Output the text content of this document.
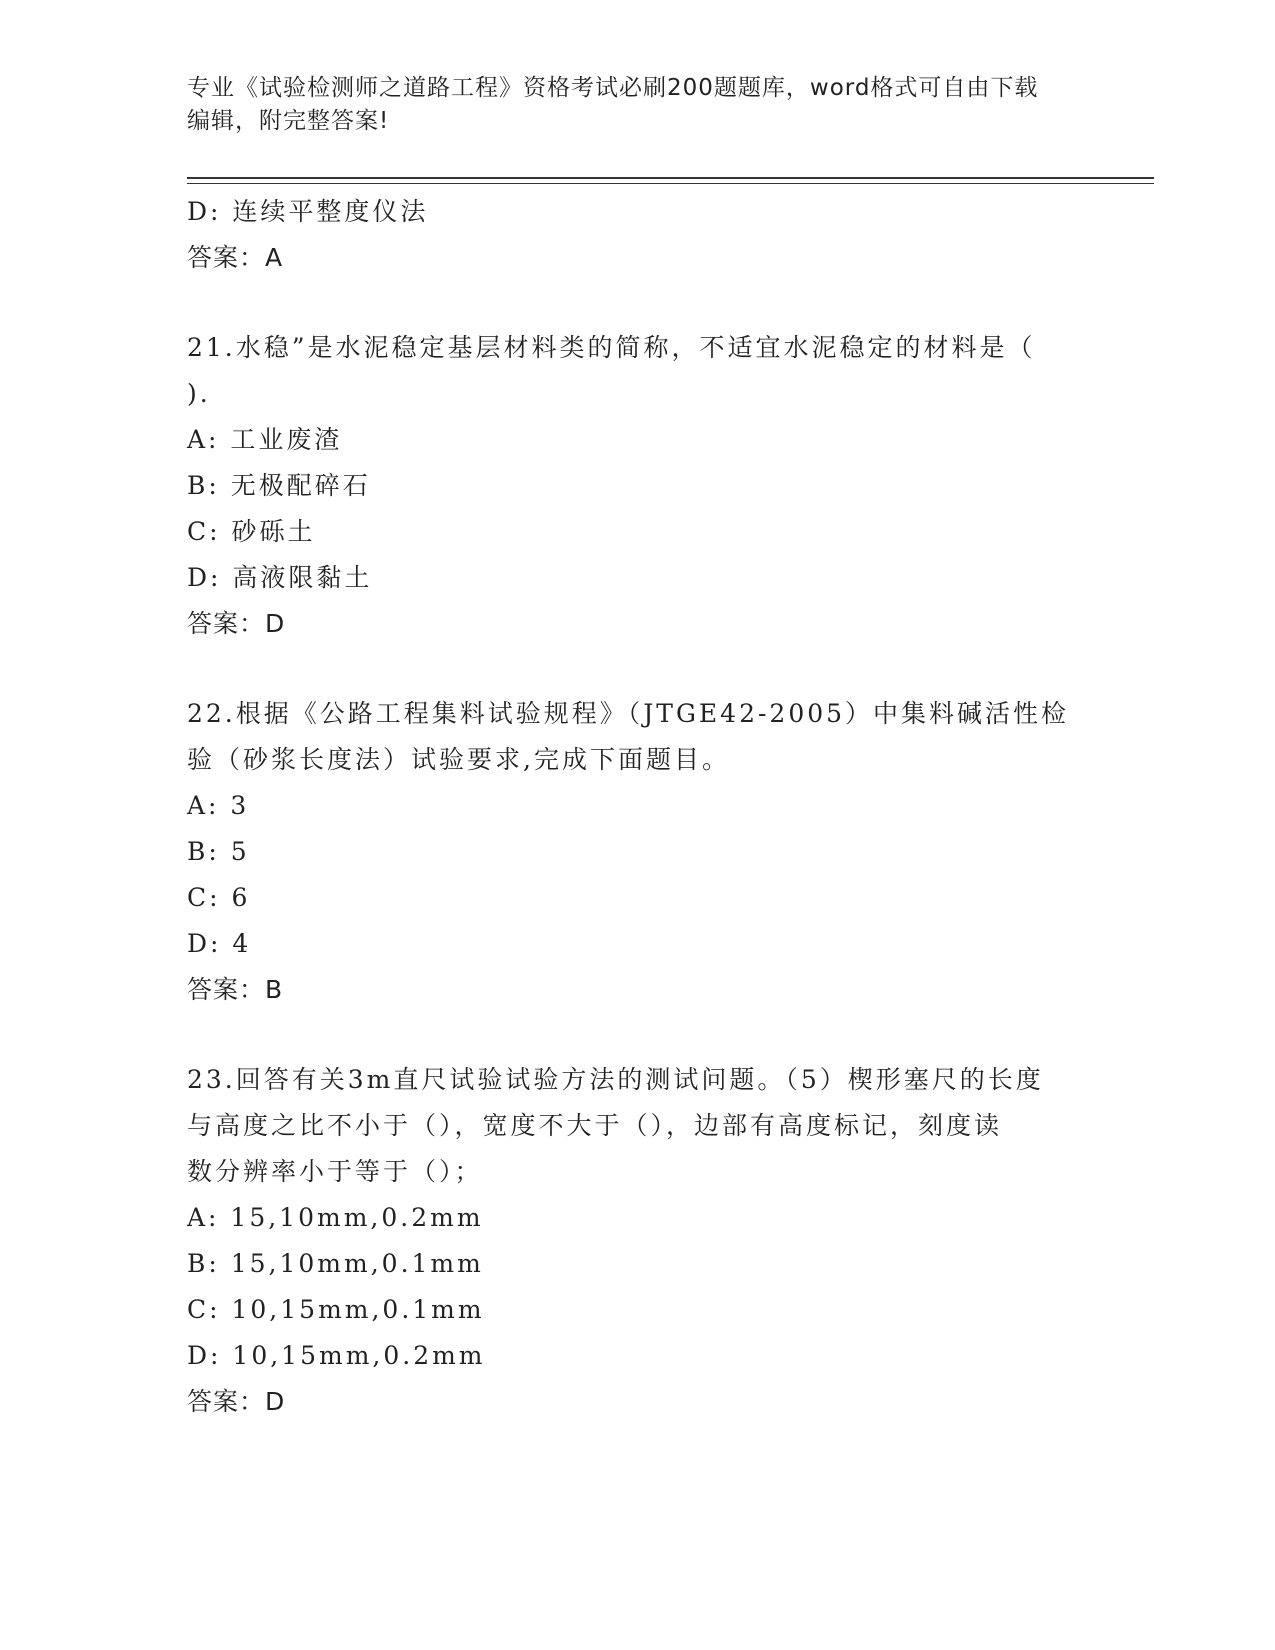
专业《试验检测师之道路工程》资格考试必刷200题题库，word格式可自由下载
编辑，附完整答案!
D: 连续平整度仪法
答案：A
21.水稳”是水泥稳定基层材料类的简称，不适宜水泥稳定的材料是（
).
A: 工业废渣
B: 无极配碎石
C: 砂砾土
D: 高液限黏土
答案：D
22.根据《公路工程集料试验规程》（JTGE42-2005）中集料碱活性检
验（砂浆长度法）试验要求,完成下面题目。
A: 3
B: 5
C: 6
D: 4
答案：B
23.回答有关3m直尺试验试验方法的测试问题。（5）楔形塞尺的长度
与高度之比不小于（），宽度不大于（），边部有高度标记，刻度读
数分辨率小于等于（）；
A: 15,10mm,0.2mm
B: 15,10mm,0.1mm
C: 10,15mm,0.1mm
D: 10,15mm,0.2mm
答案：D
